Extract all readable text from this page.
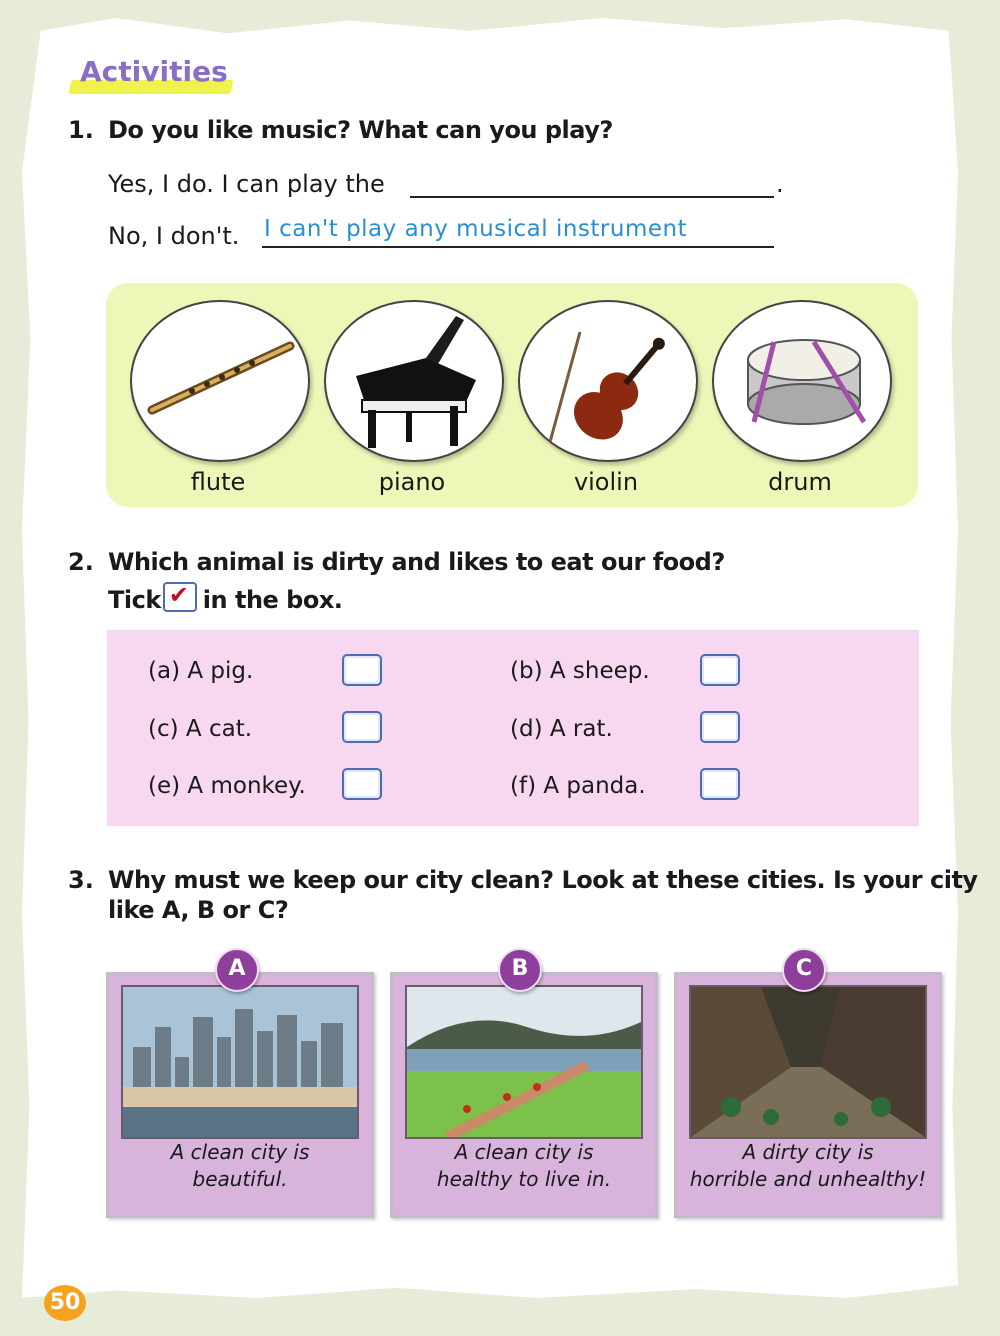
Activities
1. Do you like music? What can you play?
Yes, I do. I can play the	.
No, I don't. I can't play any musical instrument
flute	piano	violin	drum
2. Which animal is dirty and likes to eat our food?
Tick ✔ in the box.
(a) A pig.	(b) A sheep.
(c) A cat.	(d) A rat.
(e) A monkey.	(f) A panda.
3. Why must we keep our city clean? Look at these cities. Is your city
like A, B or C?
A
A clean city is
beautiful.
B
A clean city is
healthy to live in.
C
A dirty city is
horrible and unhealthy!
50
